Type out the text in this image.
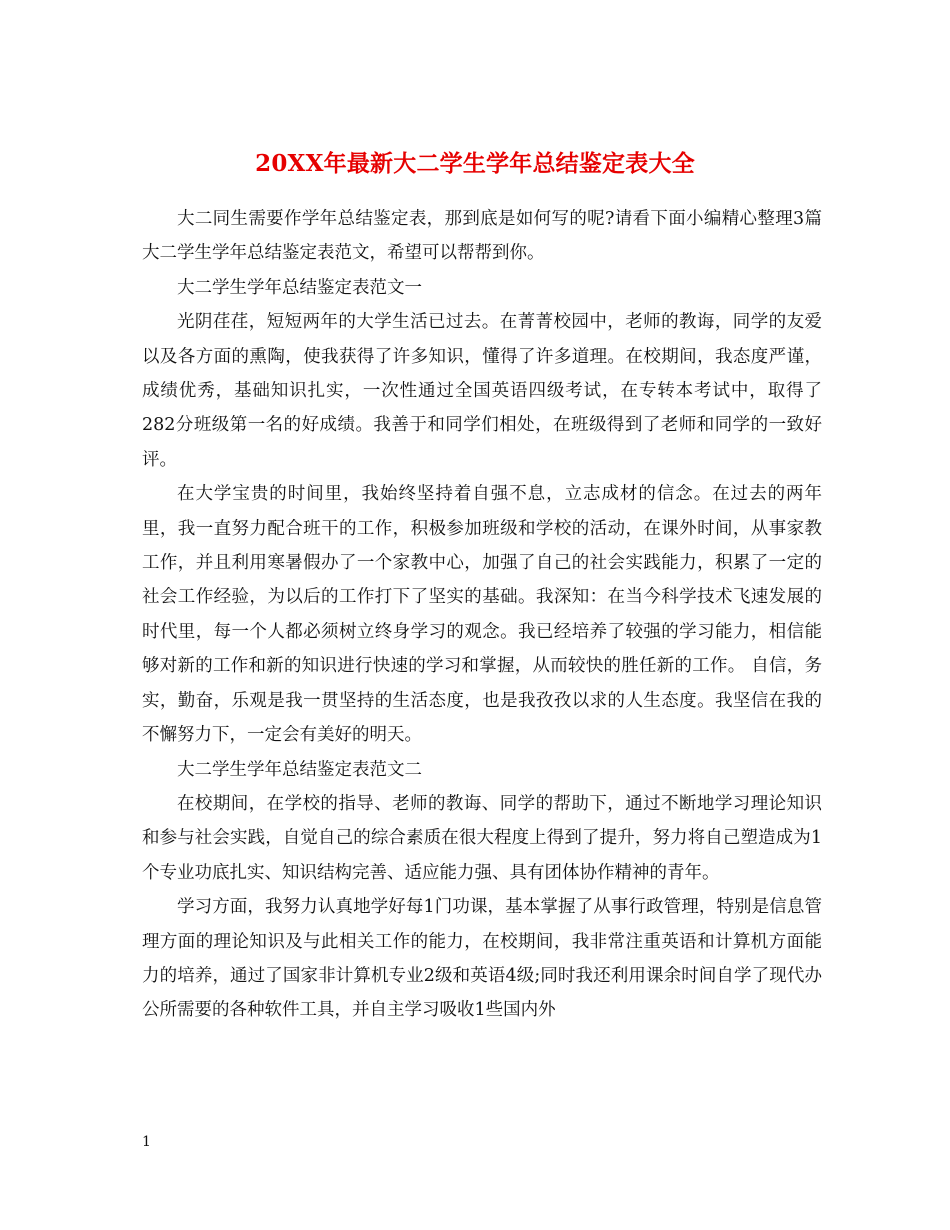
20XX年最新大二学生学年总结鉴定表大全

大二同生需要作学年总结鉴定表，那到底是如何写的呢?请看下面小编精心整理3篇大二学生学年总结鉴定表范文，希望可以帮帮到你。

大二学生学年总结鉴定表范文一

光阴荏荏，短短两年的大学生活已过去。在菁菁校园中，老师的教诲，同学的友爱以及各方面的熏陶，使我获得了许多知识，懂得了许多道理。在校期间，我态度严谨，成绩优秀，基础知识扎实，一次性通过全国英语四级考试，在专转本考试中，取得了282分班级第一名的好成绩。我善于和同学们相处，在班级得到了老师和同学的一致好评。

在大学宝贵的时间里，我始终坚持着自强不息，立志成材的信念。在过去的两年里，我一直努力配合班干的工作，积极参加班级和学校的活动，在课外时间，从事家教工作，并且利用寒暑假办了一个家教中心，加强了自己的社会实践能力，积累了一定的社会工作经验，为以后的工作打下了坚实的基础。我深知：在当今科学技术飞速发展的时代里，每一个人都必须树立终身学习的观念。我已经培养了较强的学习能力，相信能够对新的工作和新的知识进行快速的学习和掌握，从而较快的胜任新的工作。 自信，务实，勤奋，乐观是我一贯坚持的生活态度，也是我孜孜以求的人生态度。我坚信在我的不懈努力下，一定会有美好的明天。

大二学生学年总结鉴定表范文二

在校期间，在学校的指导、老师的教诲、同学的帮助下，通过不断地学习理论知识和参与社会实践，自觉自己的综合素质在很大程度上得到了提升，努力将自己塑造成为1个专业功底扎实、知识结构完善、适应能力强、具有团体协作精神的青年。

学习方面，我努力认真地学好每1门功课，基本掌握了从事行政管理，特别是信息管理方面的理论知识及与此相关工作的能力，在校期间，我非常注重英语和计算机方面能力的培养，通过了国家非计算机专业2级和英语4级;同时我还利用课余时间自学了现代办公所需要的各种软件工具，并自主学习吸收1些国内外

1
